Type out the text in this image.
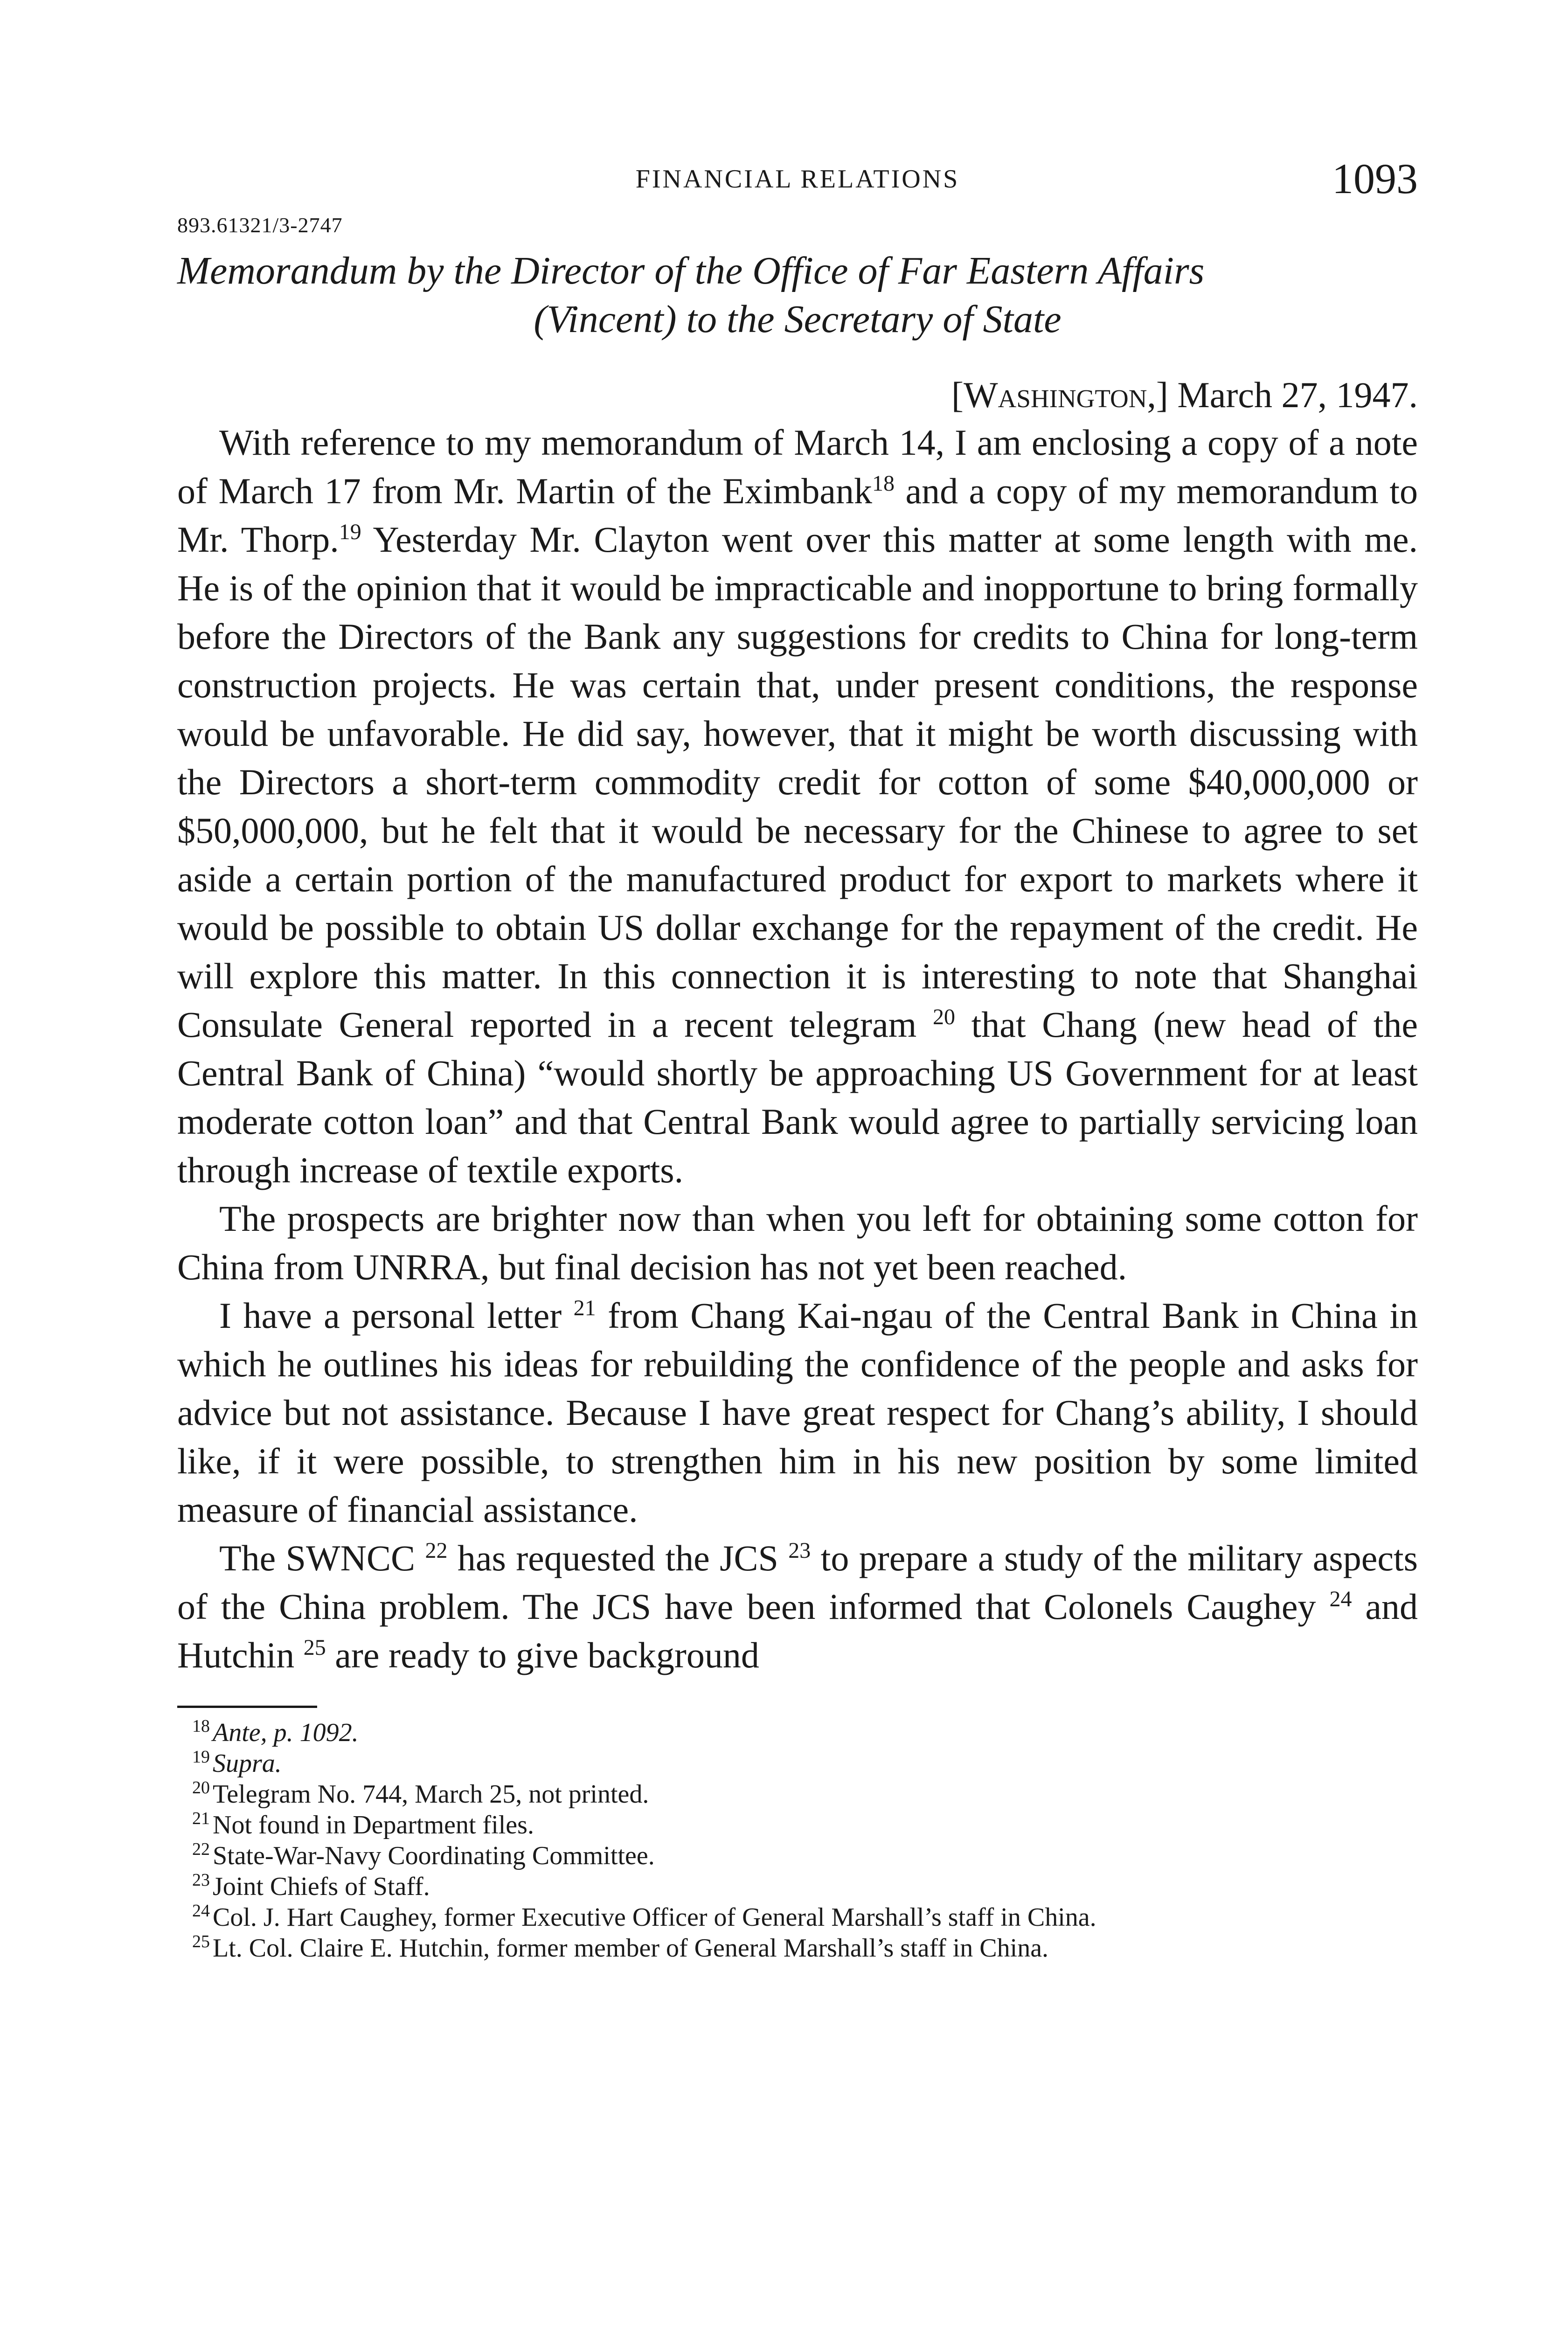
FINANCIAL RELATIONS	1093
893.61321/3-2747
Memorandum by the Director of the Office of Far Eastern Affairs
(Vincent) to the Secretary of State
[Washington,] March 27, 1947.

With reference to my memorandum of March 14, I am enclosing a copy of a note of March 17 from Mr. Martin of the Eximbank$^{18}$ and a copy of my memorandum to Mr. Thorp.$^{19}$ Yesterday Mr. Clayton went over this matter at some length with me. He is of the opinion that it would be impracticable and inopportune to bring formally before the Directors of the Bank any suggestions for credits to China for long-term construction projects. He was certain that, under present conditions, the response would be unfavorable. He did say, however, that it might be worth discussing with the Directors a short-term commodity credit for cotton of some $40,000,000 or $50,000,000, but he felt that it would be necessary for the Chinese to agree to set aside a certain portion of the manufactured product for export to markets where it would be possible to obtain US dollar exchange for the repayment of the credit. He will explore this matter. In this connection it is interesting to note that Shanghai Consulate General reported in a recent telegram $^{20}$ that Chang (new head of the Central Bank of China) “would shortly be approaching US Government for at least moderate cotton loan” and that Central Bank would agree to partially servicing loan through increase of textile exports.

The prospects are brighter now than when you left for obtaining some cotton for China from UNRRA, but final decision has not yet been reached.

I have a personal letter $^{21}$ from Chang Kai-ngau of the Central Bank in China in which he outlines his ideas for rebuilding the confidence of the people and asks for advice but not assistance. Because I have great respect for Chang’s ability, I should like, if it were possible, to strengthen him in his new position by some limited measure of financial assistance.

The SWNCC $^{22}$ has requested the JCS $^{23}$ to prepare a study of the military aspects of the China problem. The JCS have been informed that Colonels Caughey $^{24}$ and Hutchin $^{25}$ are ready to give background

$^{18}$ Ante, p. 1092.

$^{19}$ Supra.

$^{20}$ Telegram No. 744, March 25, not printed.

$^{21}$ Not found in Department files.

$^{22}$ State-War-Navy Coordinating Committee.

$^{23}$ Joint Chiefs of Staff.

$^{24}$ Col. J. Hart Caughey, former Executive Officer of General Marshall’s staff in China.

$^{25}$ Lt. Col. Claire E. Hutchin, former member of General Marshall’s staff in China.
